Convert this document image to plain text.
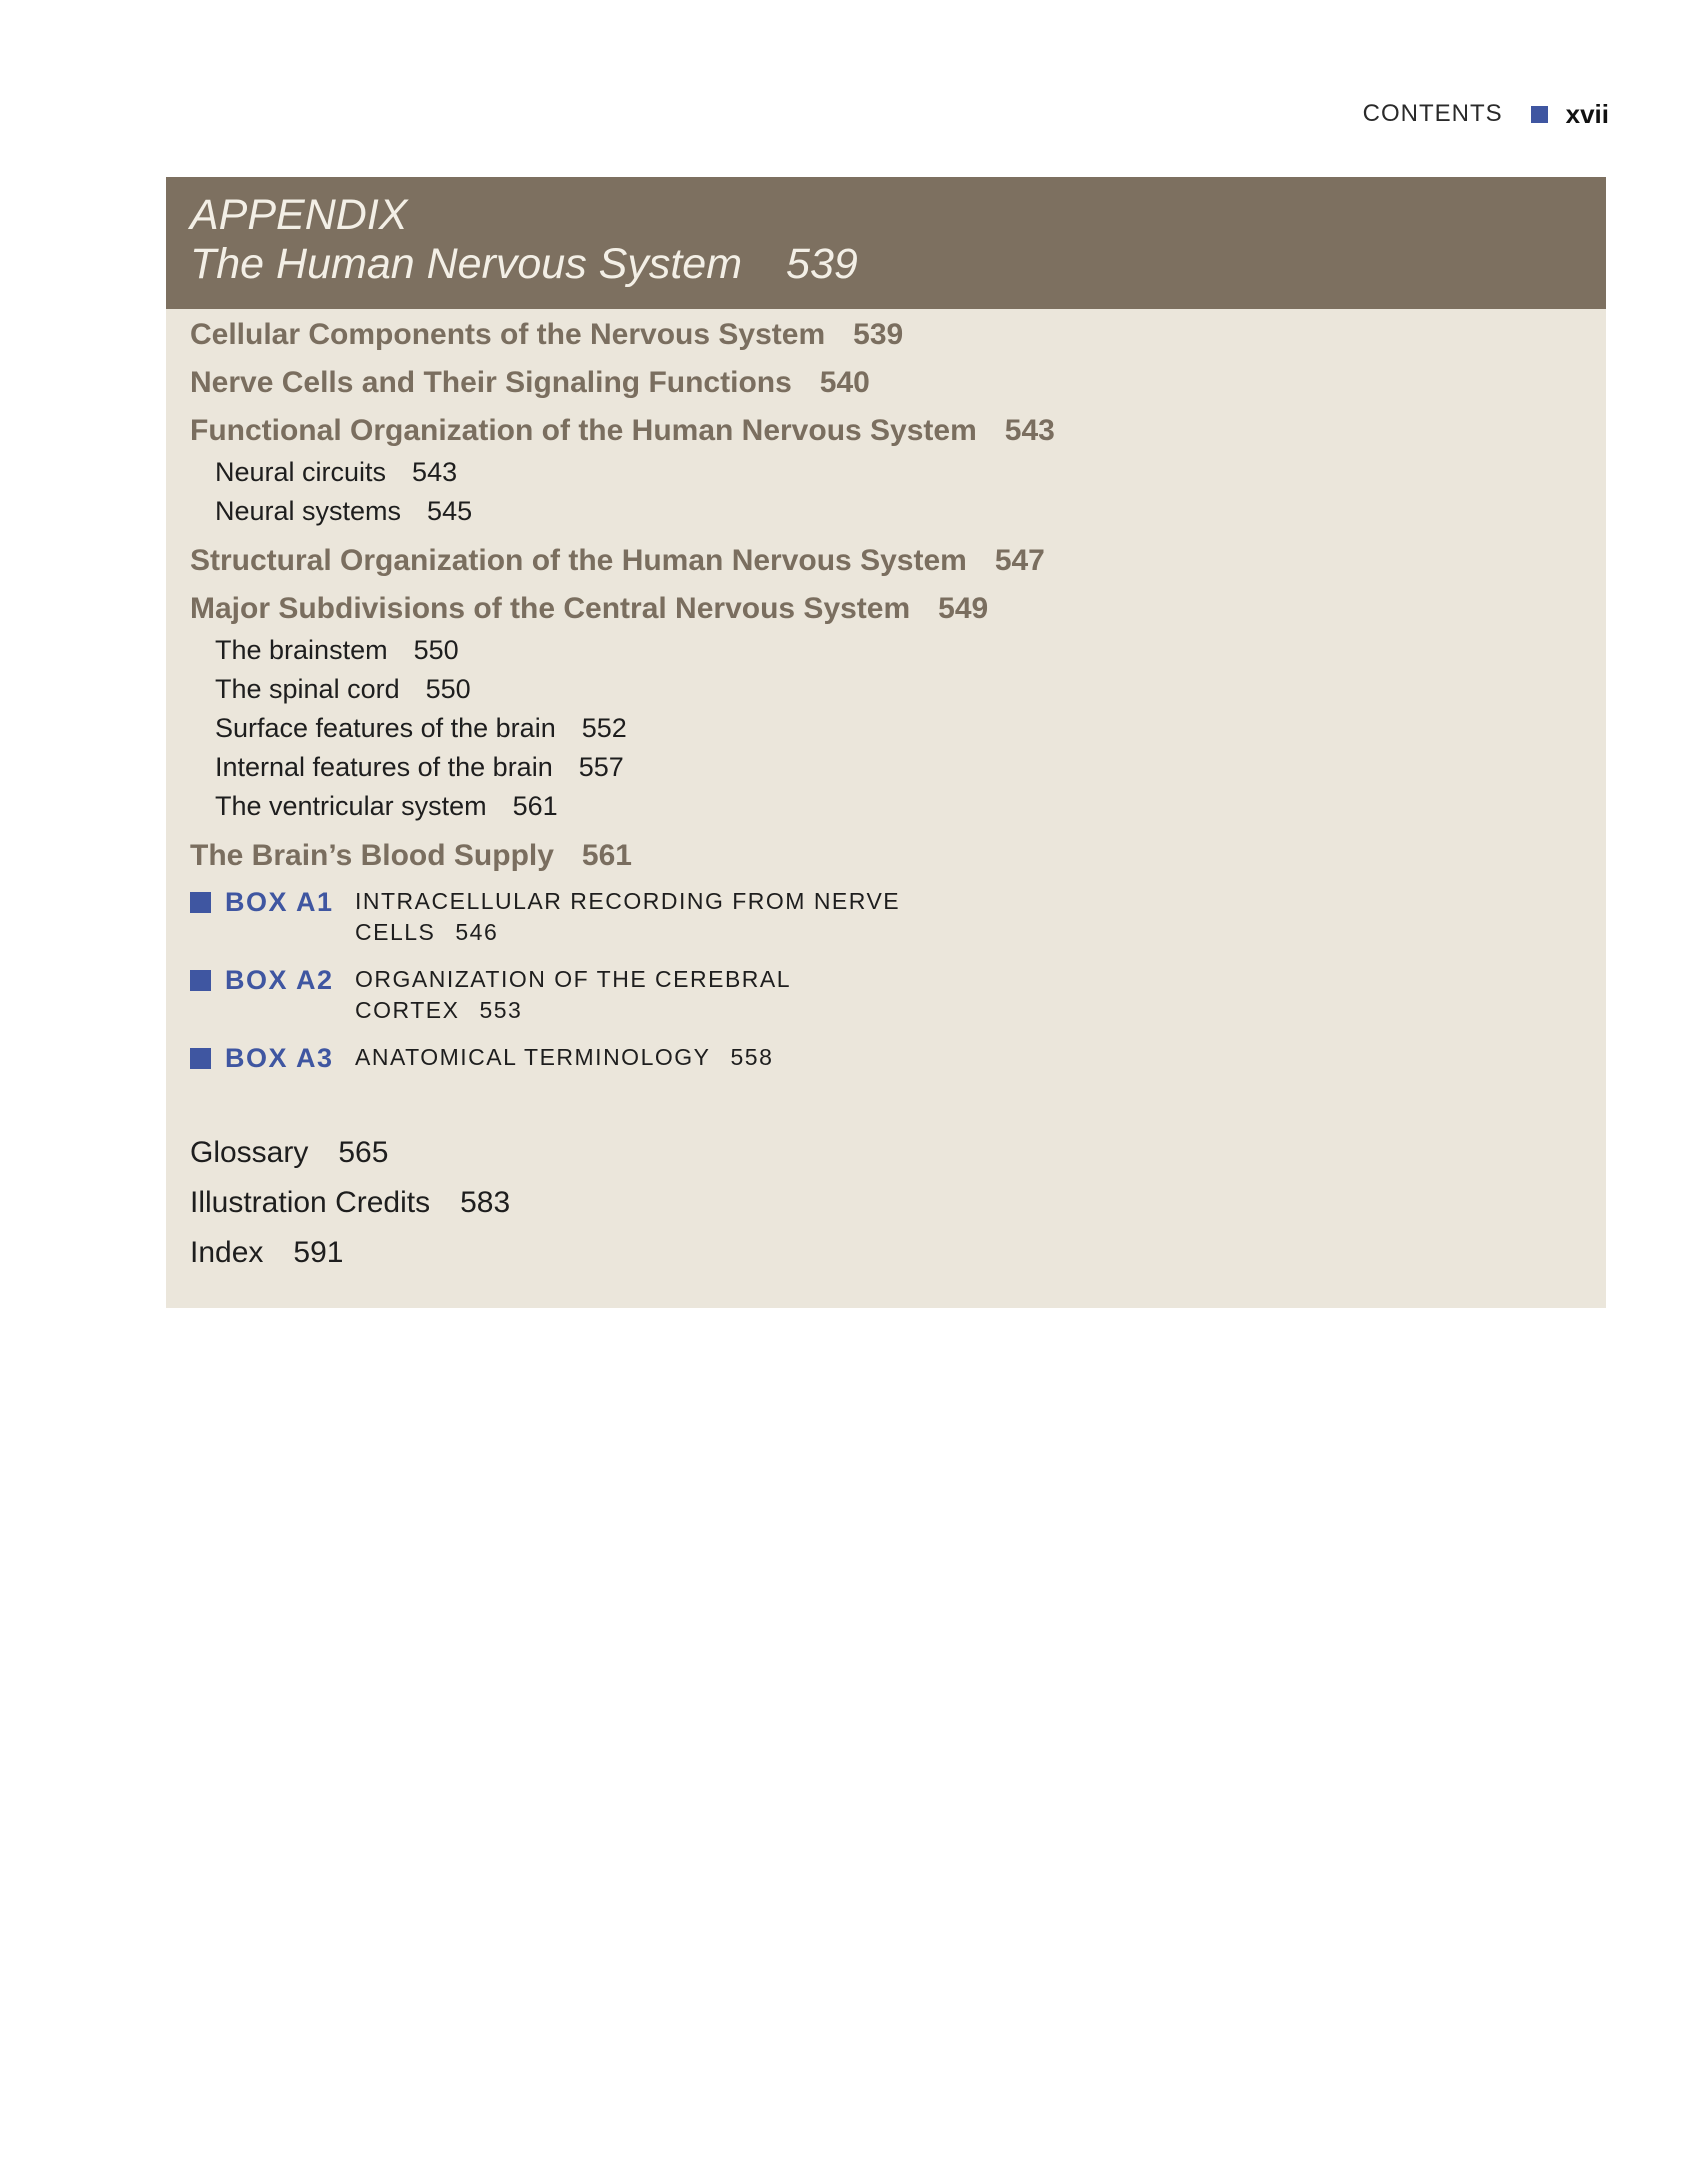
CONTENTS xvii
APPENDIX
The Human Nervous System 539
Cellular Components of the Nervous System 539
Nerve Cells and Their Signaling Functions 540
Functional Organization of the Human Nervous System 543
Neural circuits 543
Neural systems 545
Structural Organization of the Human Nervous System 547
Major Subdivisions of the Central Nervous System 549
The brainstem 550
The spinal cord 550
Surface features of the brain 552
Internal features of the brain 557
The ventricular system 561
The Brain’s Blood Supply 561
BOX A1 INTRACELLULAR RECORDING FROM NERVE
CELLS 546
BOX A2 ORGANIZATION OF THE CEREBRAL
CORTEX 553
BOX A3 ANATOMICAL TERMINOLOGY 558
Glossary 565
Illustration Credits 583
Index 591
